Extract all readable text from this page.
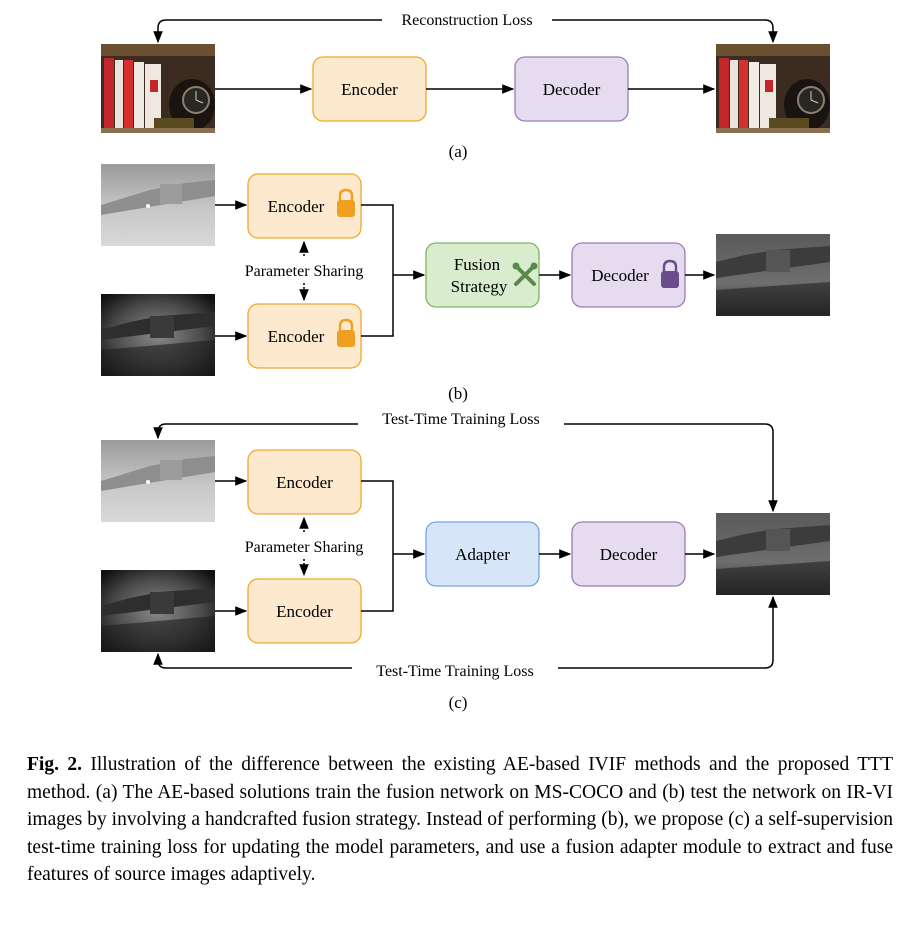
Reconstruction Loss
Encoder	Decoder
(a)
Encoder
Encoder
Parameter Sharing	Fusion
Strategy
Decoder
(b)
Test-Time Training Loss
Test-Time Training Loss
Encoder
Encoder
Parameter Sharing	Adapter	Decoder
(c)
Fig. 2. Illustration of the difference between the existing AE-based IVIF methods and the proposed TTT method. (a) The AE-based solutions train the fusion network on MS-COCO and (b) test the network on IR-VI images by involving a handcrafted fusion strategy. Instead of performing (b), we propose (c) a self-supervision test-time training loss for updating the model parameters, and use a fusion adapter module to extract and fuse features of source images adaptively.
